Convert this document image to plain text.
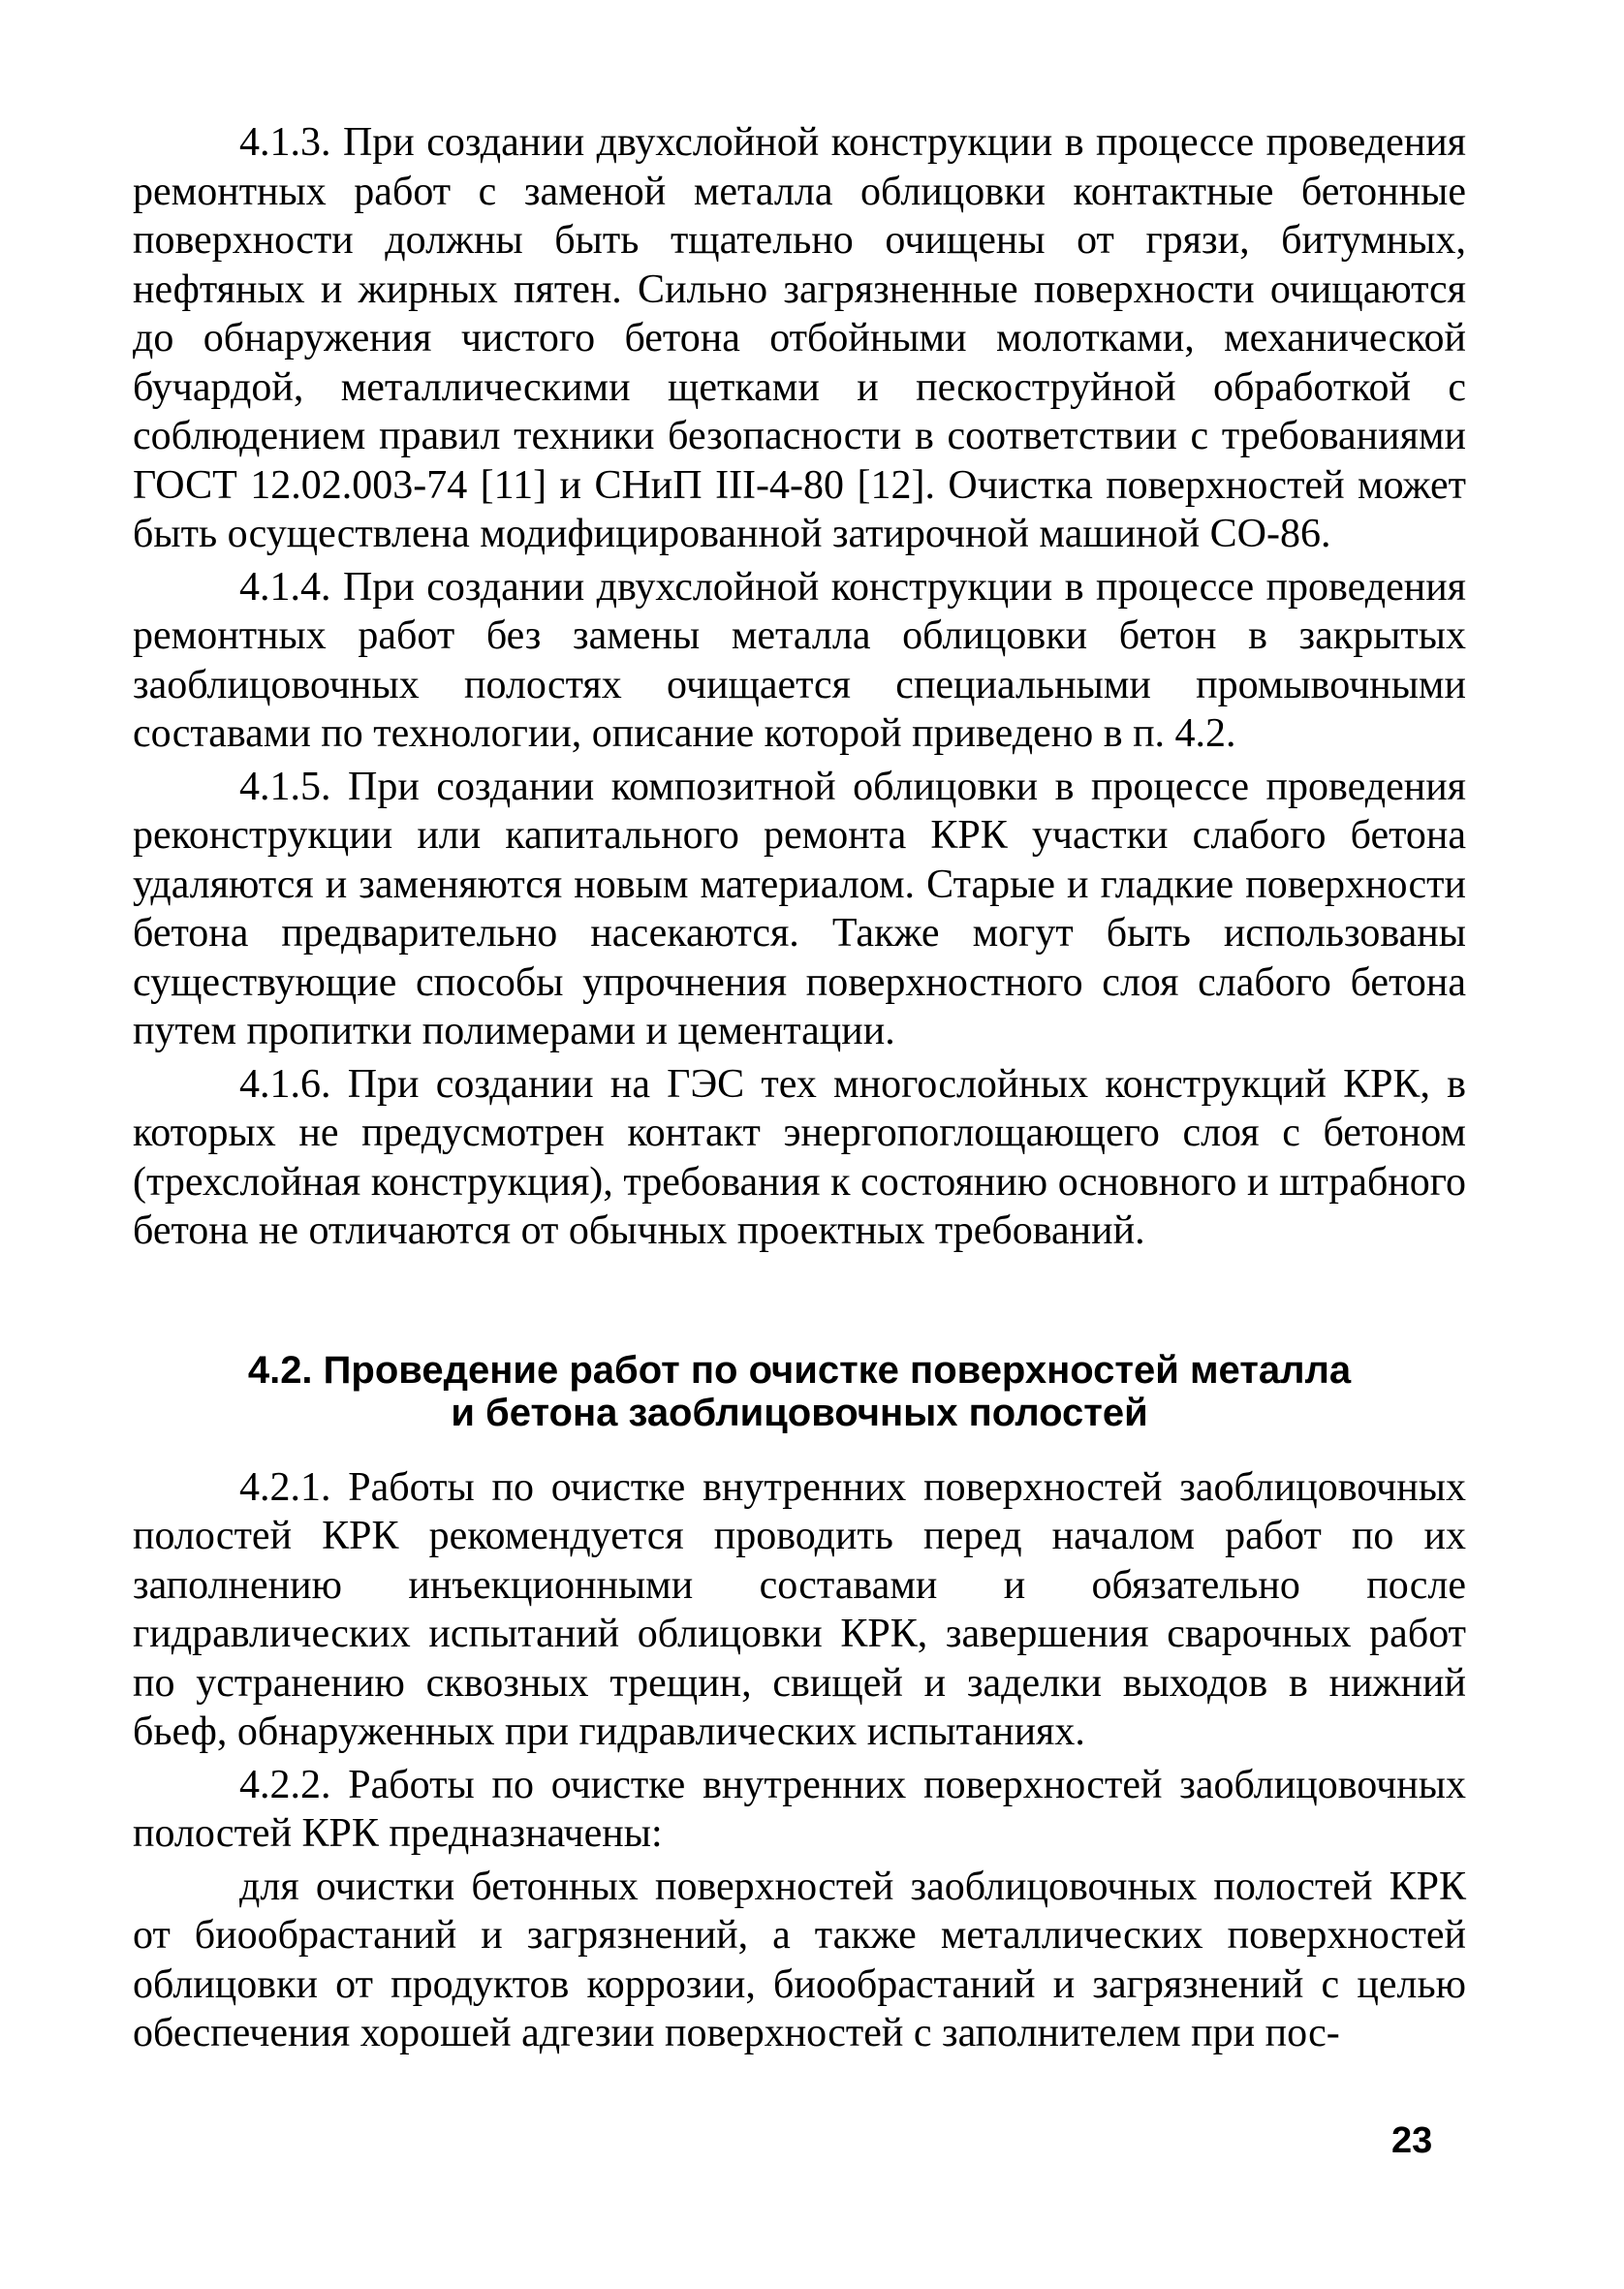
4.1.3. При создании двухслойной конструкции в процессе проведения ремонтных работ с заменой металла облицовки контактные бетонные поверхности должны быть тщательно очищены от грязи, битумных, нефтяных и жирных пятен. Сильно загрязненные поверхности очищаются до обнаружения чистого бетона отбойными молотками, механической бучардой, металлическими щетками и пескоструйной обработкой с соблюдением правил техники безопасности в соответствии с требованиями ГОСТ 12.02.003-74 [11] и СНиП III-4-80 [12]. Очистка поверхностей может быть осуществлена модифицированной затирочной машиной СО-86.

4.1.4. При создании двухслойной конструкции в процессе проведения ремонтных работ без замены металла облицовки бетон в закрытых заоблицовочных полостях очищается специальными промывочными составами по технологии, описание которой приведено в п. 4.2.

4.1.5. При создании композитной облицовки в процессе проведения реконструкции или капитального ремонта КРК участки слабого бетона удаляются и заменяются новым материалом. Старые и гладкие поверхности бетона предварительно насекаются. Также могут быть использованы существующие способы упрочнения поверхностного слоя слабого бетона путем пропитки полимерами и цементации.

4.1.6. При создании на ГЭС тех многослойных конструкций КРК, в которых не предусмотрен контакт энергопоглощающего слоя с бетоном (трехслойная конструкция), требования к состоянию основного и штрабного бетона не отличаются от обычных проектных требований.

4.2. Проведение работ по очистке поверхностей металла
и бетона заоблицовочных полостей

4.2.1. Работы по очистке внутренних поверхностей заоблицовочных полостей КРК рекомендуется проводить перед началом работ по их заполнению инъекционными составами и обязательно после гидравлических испытаний облицовки КРК, завершения сварочных работ по устранению сквозных трещин, свищей и заделки выходов в нижний бьеф, обнаруженных при гидравлических испытаниях.

4.2.2. Работы по очистке внутренних поверхностей заоблицовочных полостей КРК предназначены:

для очистки бетонных поверхностей заоблицовочных полостей КРК от биообрастаний и загрязнений, а также металлических поверхностей облицовки от продуктов коррозии, биообрастаний и загрязнений с целью обеспечения хорошей адгезии поверхностей с заполнителем при пос-

23
